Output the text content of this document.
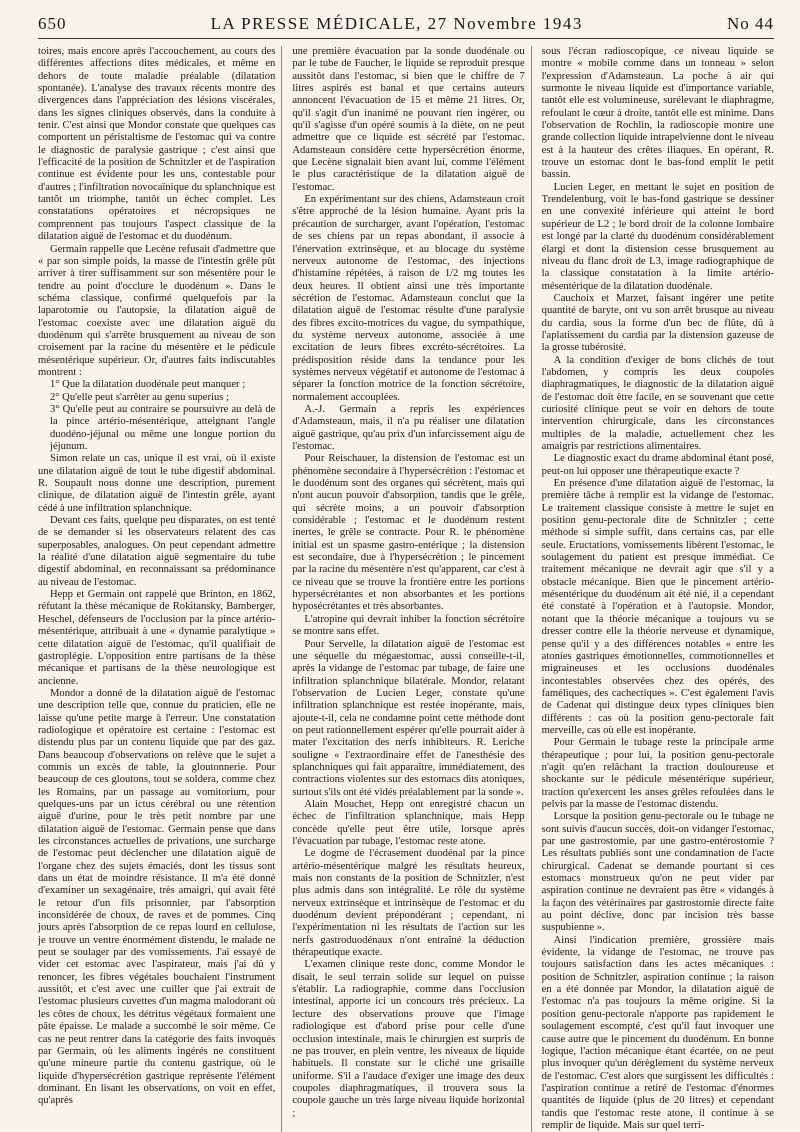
650	LA PRESSE MÉDICALE, 27 Novembre 1943	No 44

toires, mais encore après l'accouchement, au cours des différentes affections dites médicales, et même en dehors de toute maladie préalable (dilatation spontanée). L'analyse des travaux récents montre des divergences dans l'appréciation des lésions viscérales, dans les signes cliniques observés, dans la conduite à tenir. C'est ainsi que Mondor constate que quelques cas comportent un péristaltisme de l'estomac qui va contre le diagnostic de paralysie gastrique ; c'est ainsi que l'efficacité de la position de Schnitzler et de l'aspiration continue est évidente pour les uns, contestable pour d'autres ; l'infiltration novocaïnique du splanchnique est tantôt un triomphe, tantôt un échec complet. Les constatations opératoires et nécropsiques ne comprennent pas toujours l'aspect classique de la dilatation aiguë de l'estomac et du duodénum.

Germain rappelle que Lecène refusait d'admettre que « par son simple poids, la masse de l'intestin grêle pût arriver à tirer suffisamment sur son mésentère pour le tendre au point d'occlure le duodénum ». Dans le schéma classique, confirmé quelquefois par la laparotomie ou l'autopsie, la dilatation aiguë de l'estomac coexiste avec une dilatation aiguë du duodénum qui s'arrête brusquement au niveau de son croisement par la racine du mésentère et le pédicule mésentérique supérieur. Or, d'autres faits indiscutables montrent :

1° Que la dilatation duodénale peut manquer ;

2° Qu'elle peut s'arrêter au genu superius ;

3° Qu'elle peut au contraire se poursuivre au delà de la pince artério-mésentérique, atteignant l'angle duodéno-jéjunal ou même une longue portion du jéjunum.

Simon relate un cas, unique il est vrai, où il existe une dilatation aiguë de tout le tube digestif abdominal. R. Soupault nous donne une description, purement clinique, de dilatation aiguë de l'intestin grêle, ayant cédé à une infiltration splanchnique.

Devant ces faits, quelque peu disparates, on est tenté de se demander si les observateurs relatent des cas superposables, analogues. On peut cependant admettre la réalité d'une dilatation aiguë segmentaire du tube digestif abdominal, en reconnaissant sa prédominance au niveau de l'estomac.

Hepp et Germain ont rappelé que Brinton, en 1862, réfutant la thèse mécanique de Rokitansky, Bamberger, Heschel, défenseurs de l'occlusion par la pince artério-mésentérique, attribuait à une « dynamie paralytique » cette dilatation aiguë de l'estomac, qu'il qualifiait de gastroplégie. L'opposition entre partisans de la thèse mécanique et partisans de la thèse neurologique est ancienne.

Mondor a donné de la dilatation aiguë de l'estomac une description telle que, connue du praticien, elle ne laisse qu'une petite marge à l'erreur. Une constatation radiologique et opératoire est certaine : l'estomac est distendu plus par un contenu liquide que par des gaz. Dans beaucoup d'observations on relève que le sujet a commis un excès de table, la gloutonnerie. Pour beaucoup de ces gloutons, tout se soldera, comme chez les Romains, par un passage au vomitorium, pour quelques-uns par un ictus cérébral ou une rétention aiguë d'urine, pour le très petit nombre par une dilatation aiguë de l'estomac. Germain pense que dans les circonstances actuelles de privations, une surcharge de l'estomac peut déclencher une dilatation aiguë de l'organe chez des sujets émaciés, dont les tissus sont dans un état de moindre résistance. Il m'a été donné d'examiner un sexagénaire, très amaigri, qui avait fêté le retour d'un fils prisonnier, par l'absorption inconsidérée de choux, de raves et de pommes. Cinq jours après l'absorption de ce repas lourd en cellulose, je trouve un ventre énormément distendu, le malade ne peut se soulager par des vomissements. J'ai essayé de vider cet estomac avec l'aspirateur, mais j'ai dû y renoncer, les fibres végétales bouchaient l'instrument aussitôt, et c'est avec une cuiller que j'ai extrait de l'estomac plusieurs cuvettes d'un magma malodorant où les côtes de choux, les détritus végétaux formaient une pâte épaisse. Le malade a succombé le soir même. Ce cas ne peut rentrer dans la catégorie des faits invoqués par Germain, où les aliments ingérés ne constituent qu'une mineure partie du contenu gastrique, où le liquide d'hypersécrétion gastrique représente l'élément dominant. En lisant les observations, on voit en effet, qu'après

une première évacuation par la sonde duodénale ou par le tube de Faucher, le liquide se reproduit presque aussitôt dans l'estomac, si bien que le chiffre de 7 litres aspirés est banal et que certains auteurs annoncent l'évacuation de 15 et même 21 litres. Or, qu'il s'agit d'un inanimé ne pouvant rien ingérer, ou qu'il s'agisse d'un opéré soumis à la diète, on ne peut admettre que ce liquide est sécrété par l'estomac. Adamsteaun considère cette hypersécrétion énorme, que Lecène signalait bien avant lui, comme l'élément le plus caractéristique de la dilatation aiguë de l'estomac.

En expérimentant sur des chiens, Adamsteaun croit s'être approché de la lésion humaine. Ayant pris la précaution de surcharger, avant l'opération, l'estomac de ses chiens par un repas abondant, il associe à l'énervation extrinsèque, et au blocage du système nerveux autonome de l'estomac, des injections d'histamine répétées, à raison de 1/2 mg toutes les deux heures. Il obtient ainsi une très importante sécrétion de l'estomac. Adamsteaun conclut que la dilatation aiguë de l'estomac résulte d'une paralysie des fibres excito-motrices du vague, du sympathique, du système nerveux autonome, associée à une excitation de leurs fibres excréto-sécrétoires. La prédisposition réside dans la tendance pour les systèmes nerveux végétatif et autonome de l'estomac à séparer la fonction motrice de la fonction sécrétoire, normalement accouplées.

A.-J. Germain a repris les expériences d'Adamsteaun, mais, il n'a pu réaliser une dilatation aiguë gastrique, qu'au prix d'un infarcissement aigu de l'estomac.

Pour Reischauer, la distension de l'estomac est un phénomène secondaire à l'hypersécrétion : l'estomac et le duodénum sont des organes qui sécrètent, mais qui n'ont aucun pouvoir d'absorption, tandis que le grêle, qui sécrète moins, a un pouvoir d'absorption considérable ; l'estomac et le duodénum restent inertes, le grêle se contracte. Pour R. le phénomène initial est un spasme gastro-entérique ; la distension est secondaire, due à l'hypersécrétion ; le pincement par la racine du mésentère n'est qu'apparent, car c'est à ce niveau que se trouve la frontière entre les portions hypersécrétantes et non absorbantes et les portions hyposécrétantes et très absorbantes.

L'atropine qui devrait inhiber la fonction sécrétoire se montre sans effet.

Pour Servelle, la dilatation aiguë de l'estomac est une séquelle du mégaestomac, aussi conseille-t-il, après la vidange de l'estomac par tubage, de faire une infiltration splanchnique bilatérale. Mondor, relatant l'observation de Lucien Leger, constate qu'une infiltration splanchnique est restée inopérante, mais, ajoute-t-il, cela ne condamne point cette méthode dont on peut rationnellement espérer qu'elle pourrait aider à mater l'excitation des nerfs inhibiteurs. R. Leriche souligne « l'extraordinaire effet de l'anesthésie des splanchniques qui fait apparaître, immédiatement, des contractions violentes sur des estomacs dits atoniques, surtout s'ils ont été vidés préalablement par la sonde ».

Alain Mouchet, Hepp ont enregistré chacun un échec de l'infiltration splanchnique, mais Hepp concède qu'elle peut être utile, lorsque après l'évacuation par tubage, l'estomac reste atone.

Le dogme de l'écrasement duodénal par la pince artério-mésentérique malgré les résultats heureux, mais non constants de la position de Schnitzler, n'est plus admis dans son intégralité. Le rôle du système nerveux extrinsèque et intrinsèque de l'estomac et du duodénum devient prépondérant ; cependant, ni l'expérimentation ni les résultats de l'action sur les nerfs gastroduodénaux n'ont entraîné la déduction thérapeutique exacte.

L'examen clinique reste donc, comme Mondor le disait, le seul terrain solide sur lequel on puisse s'établir. La radiographie, comme dans l'occlusion intestinal, apporte ici un concours très précieux. La lecture des observations prouve que l'image radiologique est d'abord prise pour celle d'une occlusion intestinale, mais le chirurgien est surpris de ne pas trouver, en plein ventre, les niveaux de liquide habituels. Il constate sur le cliché une grisaille uniforme. S'il a l'audace d'exiger une image des deux coupoles diaphragmatiques, il trouvera sous la coupole gauche un très large niveau liquide horizontal ;

sous l'écran radioscopique, ce niveau liquide se montre « mobile comme dans un tonneau » selon l'expression d'Adamsteaun. La poche à air qui surmonte le niveau liquide est d'importance variable, tantôt elle est volumineuse, surélevant le diaphragme, refoulant le cœur à droite, tantôt elle est minime. Dans l'observation de Rochlin, la radioscopie montre une grande collection liquide intrapelvienne dont le niveau est à la hauteur des crêtes iliaques. En opérant, R. trouve un estomac dont le bas-fond emplit le petit bassin.

Lucien Leger, en mettant le sujet en position de Trendelenburg, voit le bas-fond gastrique se dessiner en une convexité inférieure qui atteint le bord supérieur de L2 ; le bord droit de la colonne lombaire est longé par la clarté du duodénum considérablement élargi et dont la distension cesse brusquement au niveau du flanc droit de L3, image radiographique de la classique constatation à la limite artério-mésentérique de la dilatation duodénale.

Cauchoix et Marzet, faisant ingérer une petite quantité de baryte, ont vu son arrêt brusque au niveau du cardia, sous la forme d'un bec de flûte, dû à l'aplatissement du cardia par la distension gazeuse de la grosse tubérosité.

A la condition d'exiger de bons clichés de tout l'abdomen, y compris les deux coupoles diaphragmatiques, le diagnostic de la dilatation aiguë de l'estomac doit être facile, en se souvenant que cette curiosité clinique peut se voir en dehors de toute intervention chirurgicale, dans les circonstances multiples de la maladie, actuellement chez les amaigris par restrictions alimentaires.

Le diagnostic exact du drame abdominal étant posé, peut-on lui opposer une thérapeutique exacte ?

En présence d'une dilatation aiguë de l'estomac, la première tâche à remplir est la vidange de l'estomac. Le traitement classique consiste à mettre le sujet en position genu-pectorale dite de Schnitzler ; cette méthode si simple suffit, dans certains cas, par elle seule. Eructations, vomissements libèrent l'estomac, le soulagement du patient est presque immédiat. Ce traitement mécanique ne devrait agir que s'il y a obstacle mécanique. Bien que le pincement artério-mésentérique du duodénum ait été nié, il a cependant été constaté à l'opération et à l'autopsie. Mondor, notant que la théorie mécanique a toujours vu se dresser contre elle la théorie nerveuse et dynamique, pense qu'il y a des différences notables « entre les atonies gastriques émotionnelles, commotionnelles et migraineuses et les occlusions duodénales incontestables observées chez des opérés, des faméliques, des cachectiques ». C'est également l'avis de Cadenat qui distingue deux types cliniques bien différents : cas où la position genu-pectorale fait merveille, cas où elle est inopérante.

Pour Germain le tubage reste la principale arme thérapeutique ; pour lui, la position genu-pectorale n'agit qu'en relâchant la traction douloureuse et shockante sur le pédicule mésentérique supérieur, traction qu'exercent les anses grêles refoulées dans le pelvis par la masse de l'estomac distendu.

Lorsque la position genu-pectorale ou le tubage ne sont suivis d'aucun succès, doit-on vidanger l'estomac, par une gastrostomie, par une gastro-entérostomie ? Les résultats publiés sont une condamnation de l'acte chirurgical. Cadenat se demande pourtant si ces estomacs monstrueux qu'on ne peut vider par aspiration continue ne devraient pas être « vidangés à la façon des vétérinaires par gastrostomie directe faite au point déclive, donc par incision très basse suspubienne ».

Ainsi l'indication première, grossière mais évidente, la vidange de l'estomac, ne trouve pas toujours satisfaction dans les actes mécaniques : position de Schnitzler, aspiration continue ; la raison en a été donnée par Mondor, la dilatation aiguë de l'estomac n'a pas toujours la même origine. Si la position genu-pectorale n'apporte pas rapidement le soulagement escompté, c'est qu'il faut invoquer une cause autre que le pincement du duodénum. En bonne logique, l'action mécanique étant écartée, on ne peut plus invoquer qu'un dérèglement du système nerveux de l'estomac. C'est alors que surgissent les difficultés : l'aspiration continue a retiré de l'estomac d'énormes quantités de liquide (plus de 20 litres) et cependant tandis que l'estomac reste atone, il continue à se remplir de liquide. Mais sur quel terri-
